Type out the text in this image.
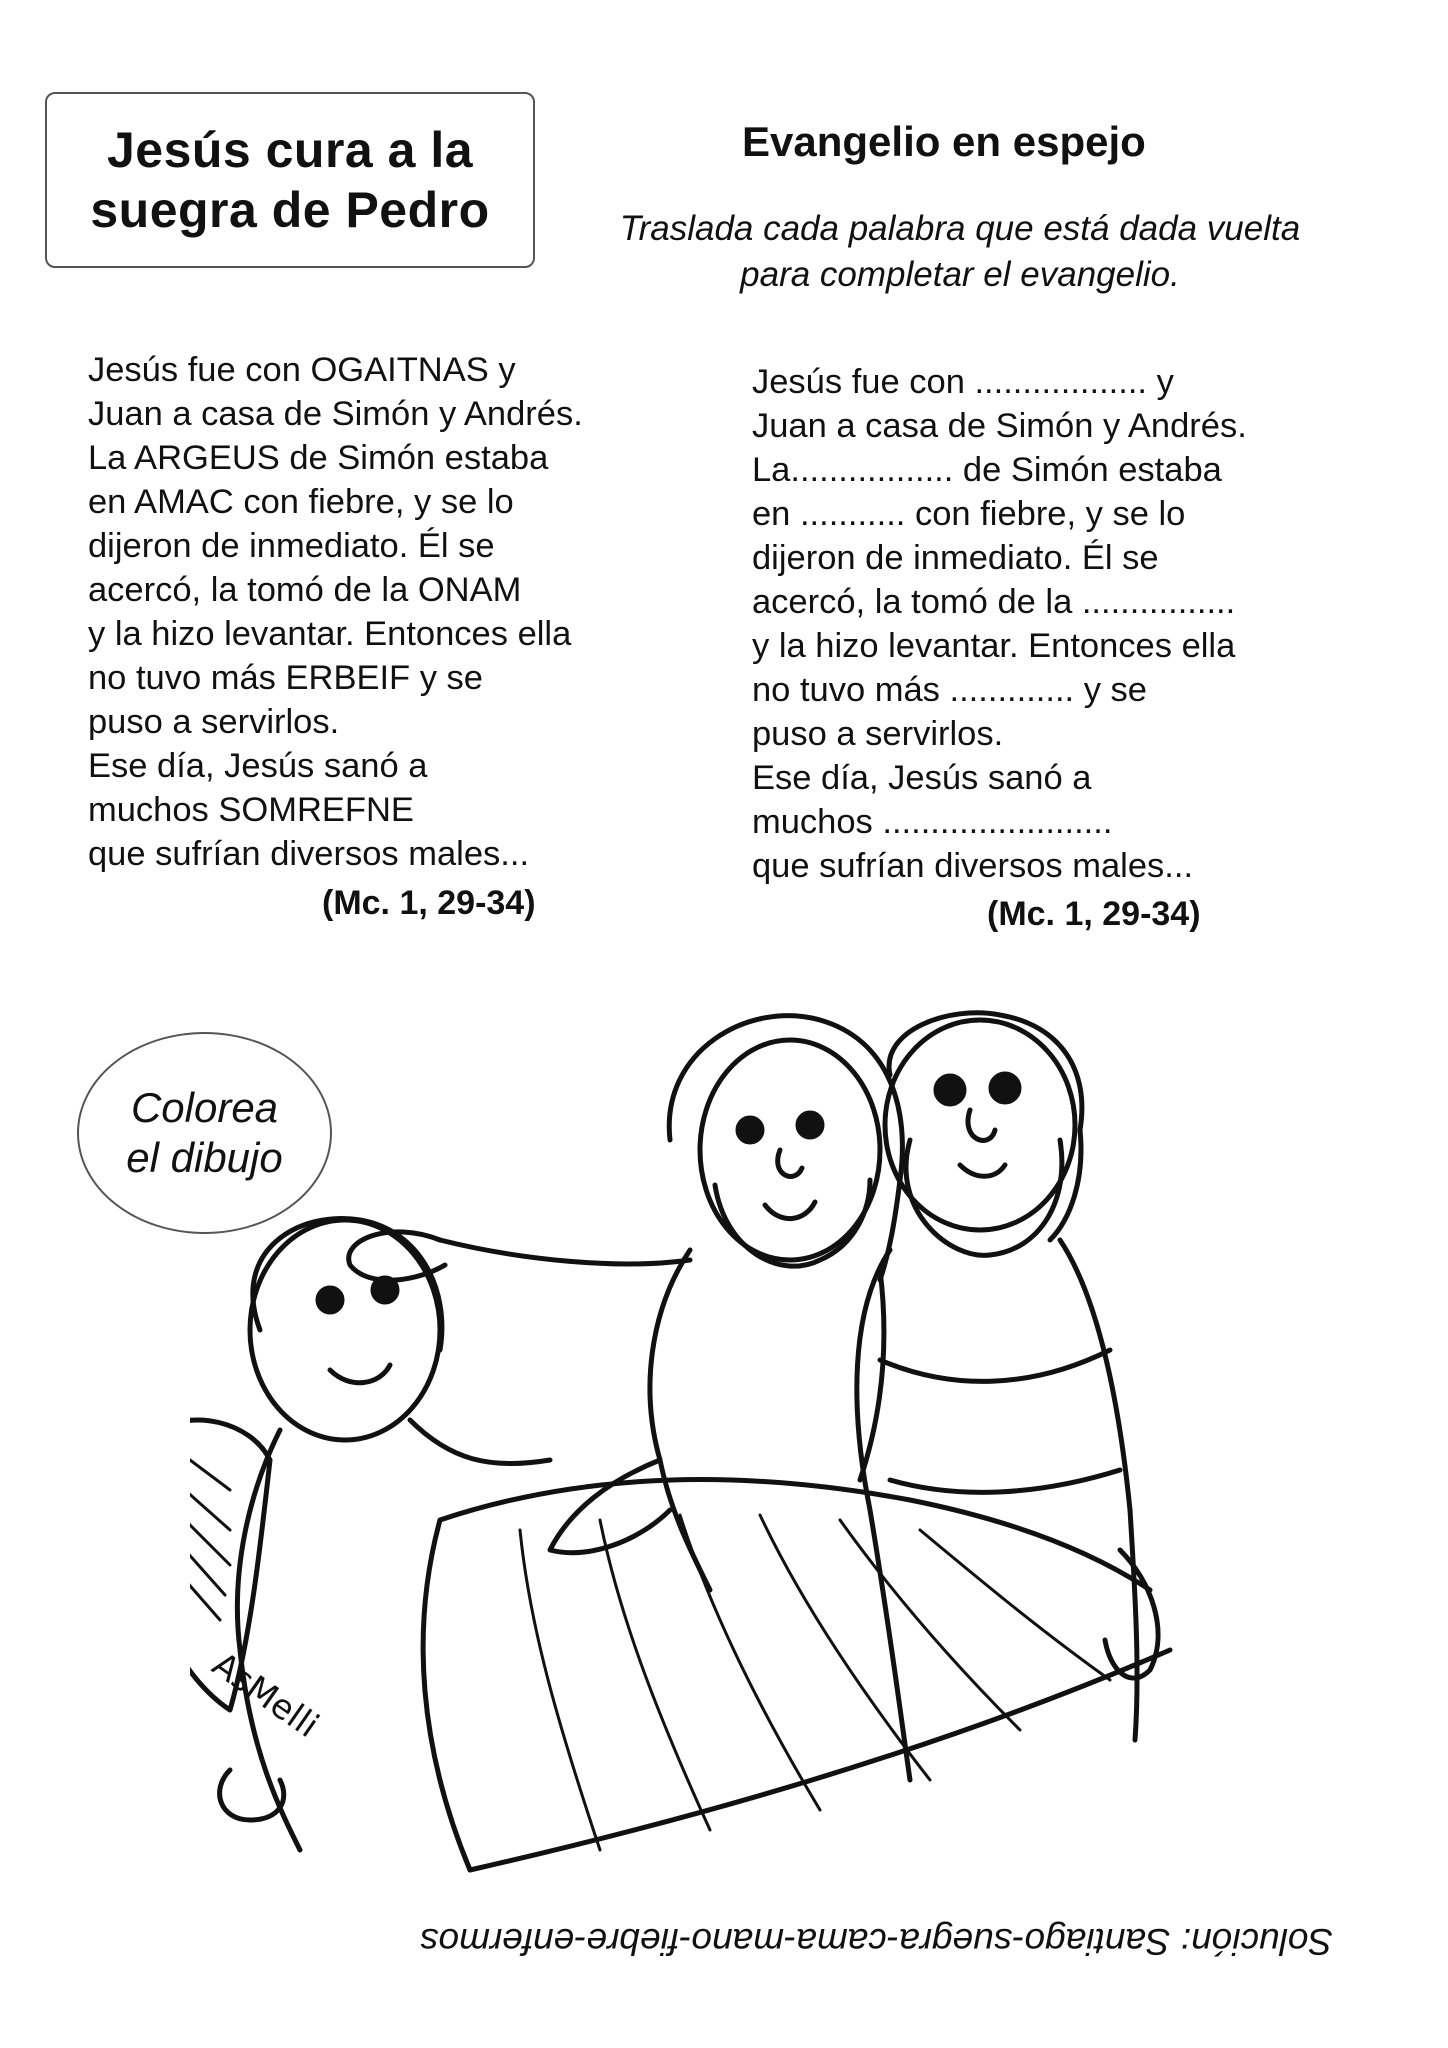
Jesús cura a la
suegra de Pedro
Evangelio en espejo
Traslada cada palabra que está dada vuelta
para completar el evangelio.
Jesús fue con OGAITNAS y
Juan a casa de Simón y Andrés.
La ARGEUS de Simón estaba
en AMAC con fiebre, y se lo
dijeron de inmediato. Él se
acercó, la tomó de la ONAM
y la hizo levantar. Entonces ella
no tuvo más ERBEIF y se
puso a servirlos.
Ese día, Jesús sanó a
muchos SOMREFNE
que sufrían diversos males...
(Mc. 1, 29-34)
Jesús fue con .................. y
Juan a casa de Simón y Andrés.
La................. de Simón estaba
en ........... con fiebre, y se lo
dijeron de inmediato. Él se
acercó, la tomó de la ................
y la hizo levantar. Entonces ella
no tuvo más ............. y se
puso a servirlos.
Ese día, Jesús sanó a
muchos ........................
que sufrían diversos males...
(Mc. 1, 29-34)
Colorea
el dibujo
AsMelli
Solución: Santiago-suegra-cama-mano-fiebre-enfermos
